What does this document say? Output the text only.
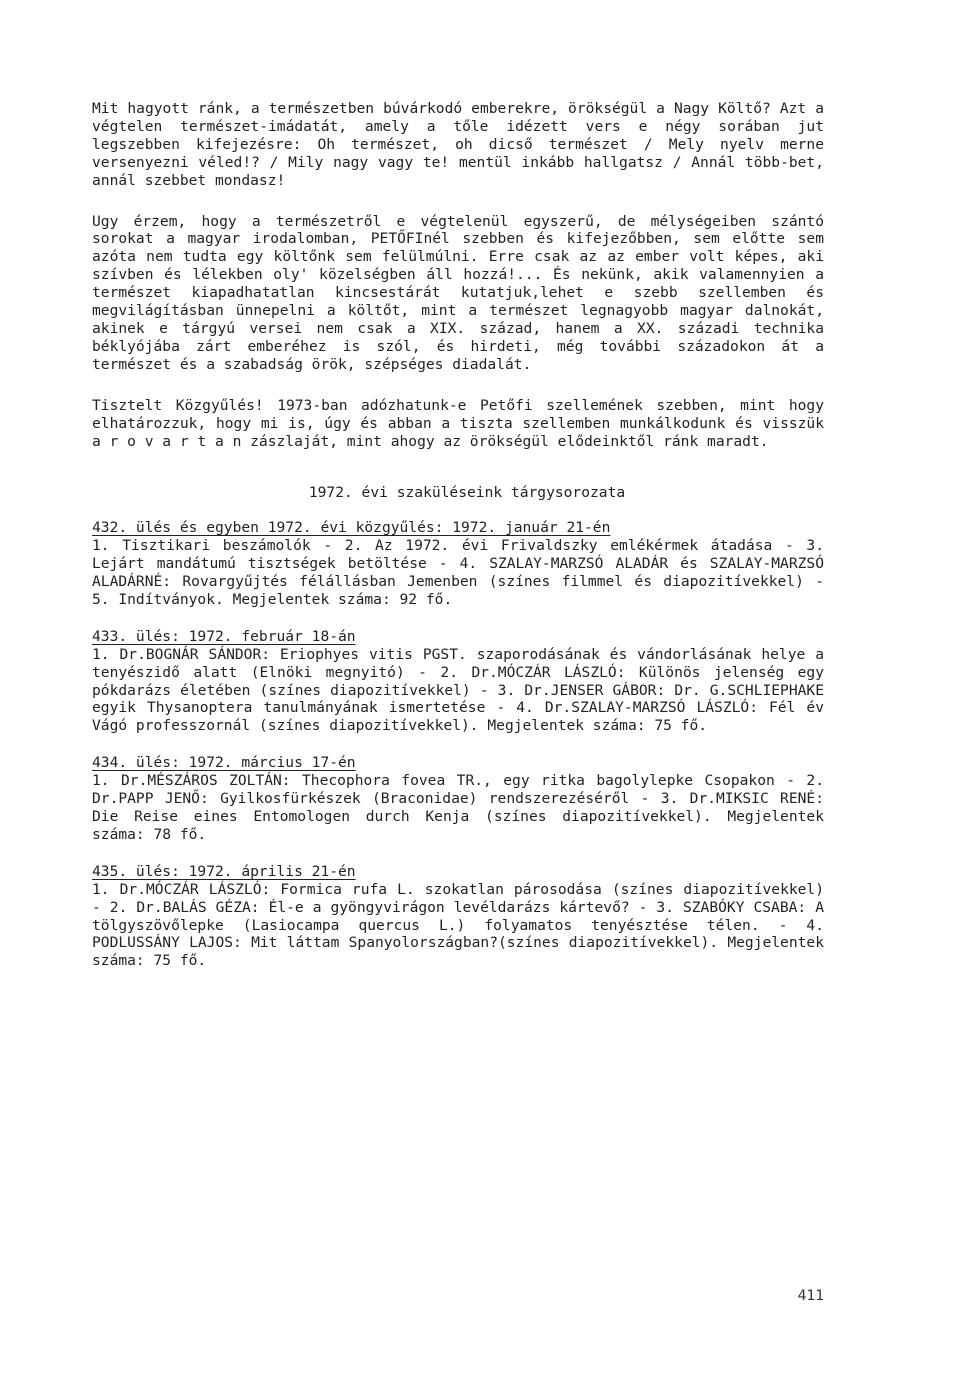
Mit hagyott ránk, a természetben búvárkodó emberekre, örökségül a Nagy Költő? Azt a végtelen természet-imádatát, amely a tőle idézett vers e négy sorában jut legszebben kifejezésre: Oh természet, oh dicső természet / Mely nyelv merne versenyezni véled!? / Mily nagy vagy te! mentül inkább hallgatsz / Annál több-bet, annál szebbet mondasz!

Ugy érzem, hogy a természetről e végtelenül egyszerű, de mélységeiben szántó sorokat a magyar irodalomban, PETŐFInél szebben és kifejezőbben, sem előtte sem azóta nem tudta egy költőnk sem felülmúlni. Erre csak az az ember volt képes, aki szívben és lélekben oly' közelségben áll hozzá!... És nekünk, akik valamennyien a természet kiapadhatatlan kincsestárát kutatjuk,lehet e szebb szellemben és megvilágításban ünnepelni a költőt, mint a természet legnagyobb magyar dalnokát, akinek e tárgyú versei nem csak a XIX. század, hanem a XX. századi technika béklyójába zárt emberéhez is szól, és hirdeti, még további századokon át a természet és a szabadság örök, szépséges diadalát.

Tisztelt Közgyűlés! 1973-ban adózhatunk-e Petőfi szellemének szebben, mint hogy elhatározzuk, hogy mi is, úgy és abban a tiszta szellemben munkálkodunk és visszük a r o v a r t a n zászlaját, mint ahogy az örökségül elődeinktől ránk maradt.

1972. évi szaküléseink tárgysorozata
432. ülés és egyben 1972. évi közgyűlés: 1972. január 21-én
1. Tisztikari beszámolók - 2. Az 1972. évi Frivaldszky emlékérmek átadása - 3. Lejárt mandátumú tisztségek betöltése - 4. SZALAY-MARZSÓ ALADÁR és SZALAY-MARZSÓ ALADÁRNÉ: Rovargyűjtés félállásban Jemenben (színes filmmel és diapozitívekkel) - 5. Indítványok. Megjelentek száma: 92 fő.
433. ülés: 1972. február 18-án
1. Dr.BOGNÁR SÁNDOR: Eriophyes vitis PGST. szaporodásának és vándorlásának helye a tenyészidő alatt (Elnöki megnyitó) - 2. Dr.MÓCZÁR LÁSZLÓ: Különös jelenség egy pókdarázs életében (színes diapozitívekkel) - 3. Dr.JENSER GÁBOR: Dr. G.SCHLIEPHAKE egyik Thysanoptera tanulmányának ismertetése - 4. Dr.SZALAY-MARZSÓ LÁSZLÓ: Fél év Vágó professzornál (színes diapozitívekkel). Megjelentek száma: 75 fő.
434. ülés: 1972. március 17-én
1. Dr.MÉSZÁROS ZOLTÁN: Thecophora fovea TR., egy ritka bagolylepke Csopakon - 2. Dr.PAPP JENŐ: Gyilkosfürkészek (Braconidae) rendszerezéséről - 3. Dr.MIKSIC RENÉ: Die Reise eines Entomologen durch Kenja (színes diapozitívekkel). Megjelentek száma: 78 fő.
435. ülés: 1972. április 21-én
1. Dr.MÓCZÁR LÁSZLÓ: Formica rufa L. szokatlan párosodása (színes diapozitívekkel) - 2. Dr.BALÁS GÉZA: Él-e a gyöngyvirágon levéldarázs kártevő? - 3. SZABÓKY CSABA: A tölgyszövőlepke (Lasiocampa quercus L.) folyamatos tenyésztése télen. - 4. PODLUSSÁNY LAJOS: Mit láttam Spanyolországban?(színes diapozitívekkel). Megjelentek száma: 75 fő.
411
